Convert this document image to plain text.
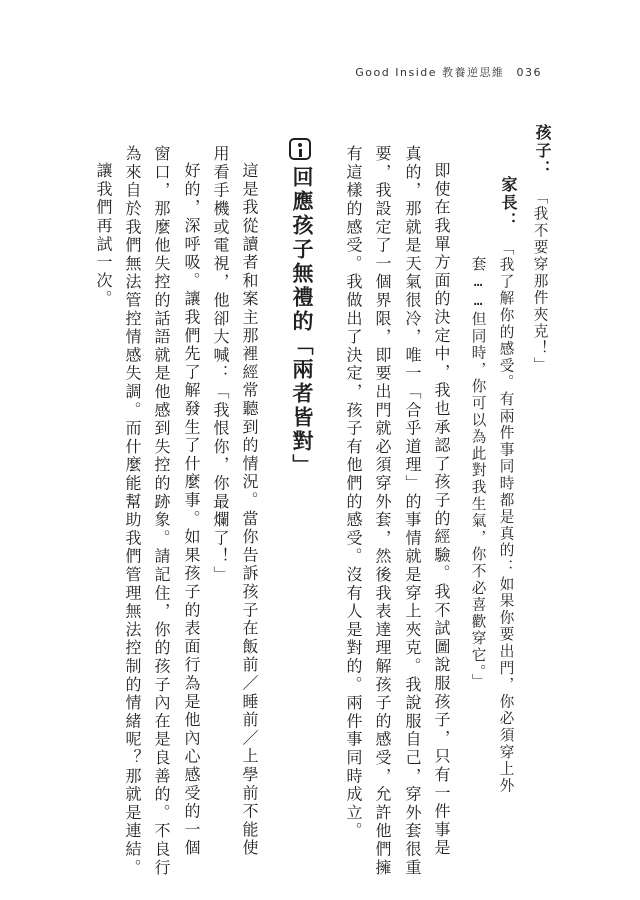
Good Inside 教養逆思維 036
孩子：
「我不要穿那件夾克！」
家長：
「我了解你的感受。有兩件事同時都是真的：如果你要出門，你必須穿上外
套……但同時，你可以為此對我生氣，你不必喜歡穿它。」
即使在我單方面的決定中，我也承認了孩子的經驗。我不試圖說服孩子，只有一件事是
真的，那就是天氣很冷，唯一「合乎道理」的事情就是穿上夾克。我說服自己，穿外套很重
要，我設定了一個界限，即要出門就必須穿外套，然後我表達理解孩子的感受，允許他們擁
有這樣的感受。我做出了決定，孩子有他們的感受。沒有人是對的。兩件事同時成立。
回應孩子無禮的「兩者皆對」
這是我從讀者和案主那裡經常聽到的情況。當你告訴孩子在飯前／睡前／上學前不能使
用看手機或電視，他卻大喊：「我恨你，你最爛了！」
好的，深呼吸。讓我們先了解發生了什麼事。如果孩子的表面行為是他內心感受的一個
窗口，那麼他失控的話語就是他感到失控的跡象。請記住，你的孩子內在是良善的。不良行
為來自於我們無法管控情感失調。而什麼能幫助我們管理無法控制的情緒呢？那就是連結。
讓我們再試一次。
